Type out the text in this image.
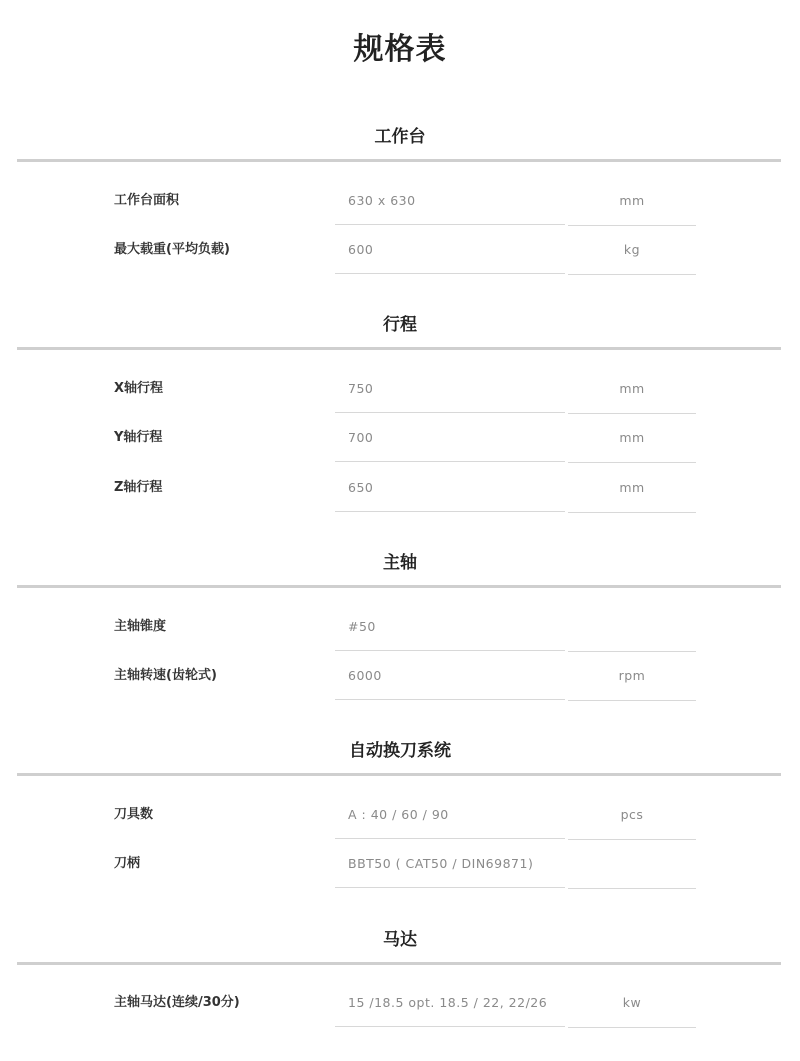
规格表
工作台
工作台面积	630 x 630	mm
最大载重(平均负载)	600	kg
行程
X轴行程	750	mm
Y轴行程	700	mm
Z轴行程	650	mm
主轴
主轴锥度	#50
主轴转速(齿轮式)	6000	rpm
自动换刀系统
刀具数	A : 40 / 60 / 90	pcs
刀柄	BBT50 ( CAT50 / DIN69871)
马达
主轴马达(连续/30分)	15 /18.5 opt. 18.5 / 22, 22/26	kw
